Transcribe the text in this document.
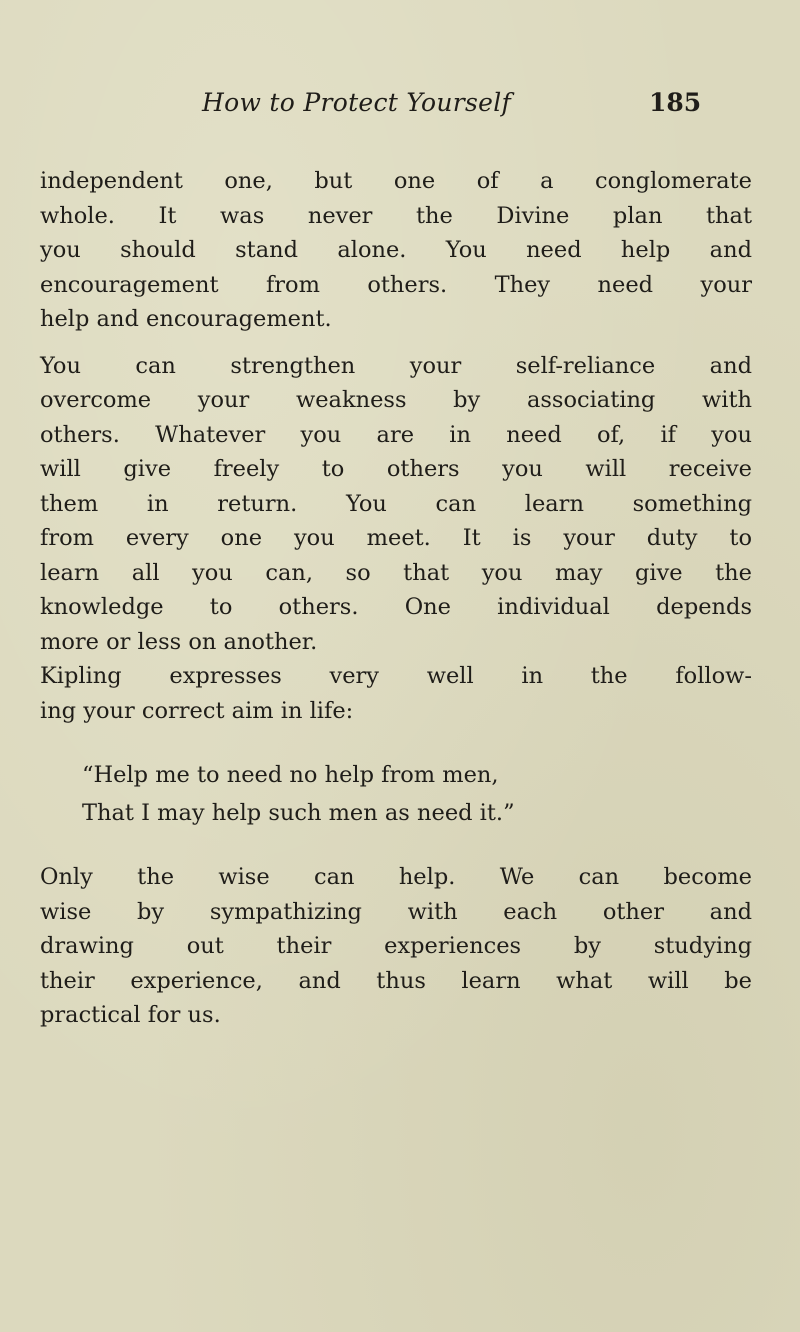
How to Protect Yourself	185
independent one, but one of a conglomerate
whole. It was never the Divine plan that
you should stand alone. You need help and
encouragement from others. They need your
help and encouragement.
You can strengthen your self-reliance and
overcome your weakness by associating with
others. Whatever you are in need of, if you
will give freely to others you will receive
them in return. You can learn something
from every one you meet. It is your duty to
learn all you can, so that you may give the
knowledge to others. One individual depends
more or less on another.
Kipling expresses very well in the follow-
ing your correct aim in life:
“Help me to need no help from men,
That I may help such men as need it.”
Only the wise can help. We can become
wise by sympathizing with each other and
drawing out their experiences by studying
their experience, and thus learn what will be
practical for us.
